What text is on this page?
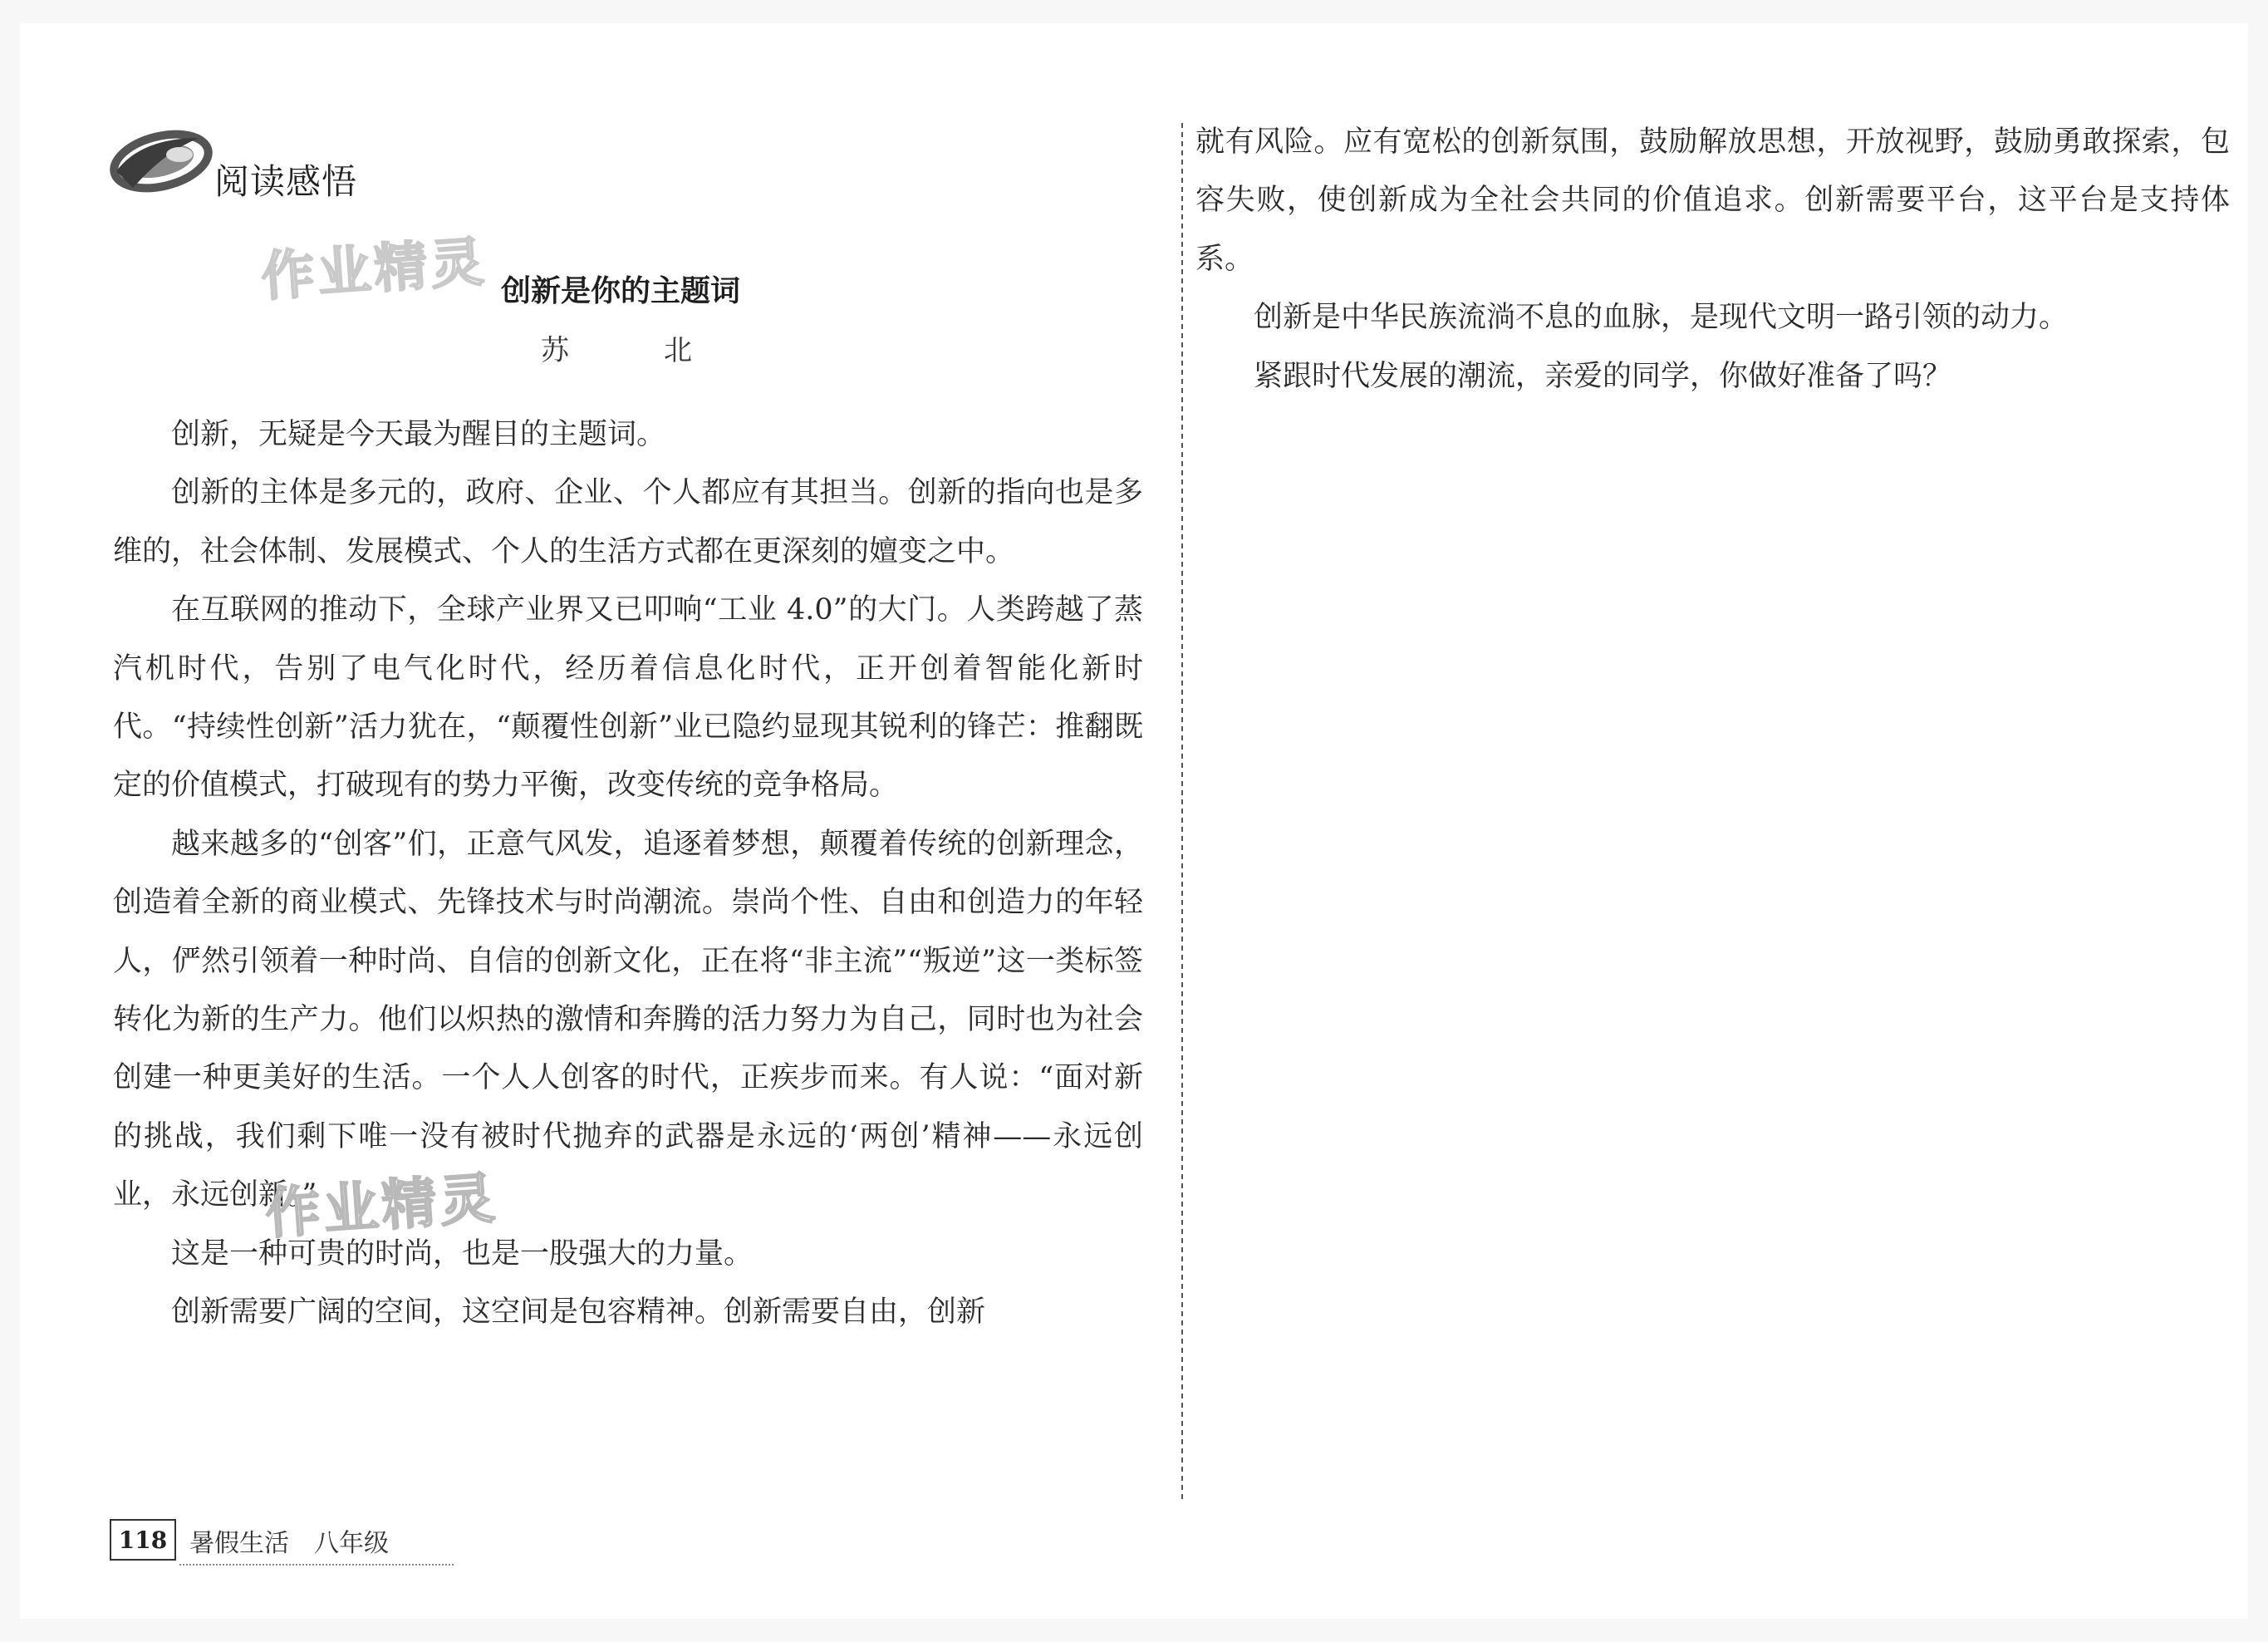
阅读感悟
作业精灵 创新是你的主题词
苏　北

创新，无疑是今天最为醒目的主题词。

创新的主体是多元的，政府、企业、个人都应有其担当。创新的指向也是多维的，社会体制、发展模式、个人的生活方式都在更深刻的嬗变之中。

在互联网的推动下，全球产业界又已叩响“工业 4.0”的大门。人类跨越了蒸汽机时代，告别了电气化时代，经历着信息化时代，正开创着智能化新时代。“持续性创新”活力犹在，“颠覆性创新”业已隐约显现其锐利的锋芒：推翻既定的价值模式，打破现有的势力平衡，改变传统的竞争格局。

越来越多的“创客”们，正意气风发，追逐着梦想，颠覆着传统的创新理念，创造着全新的商业模式、先锋技术与时尚潮流。崇尚个性、自由和创造力的年轻人，俨然引领着一种时尚、自信的创新文化，正在将“非主流”“叛逆”这一类标签转化为新的生产力。他们以炽热的激情和奔腾的活力努力为自己，同时也为社会创建一种更美好的生活。一个人人创客的时代，正疾步而来。有人说：“面对新的挑战，我们剩下唯一没有被时代抛弃的武器是永远的‘两创’精神——永远创业，永远创新。”

这是一种可贵的时尚，也是一股强大的力量。

创新需要广阔的空间，这空间是包容精神。创新需要自由，创新

作业精灵

就有风险。应有宽松的创新氛围，鼓励解放思想，开放视野，鼓励勇敢探索，包容失败，使创新成为全社会共同的价值追求。创新需要平台，这平台是支持体系。

创新是中华民族流淌不息的血脉，是现代文明一路引领的动力。

紧跟时代发展的潮流，亲爱的同学，你做好准备了吗？

118 暑假生活　八年级
